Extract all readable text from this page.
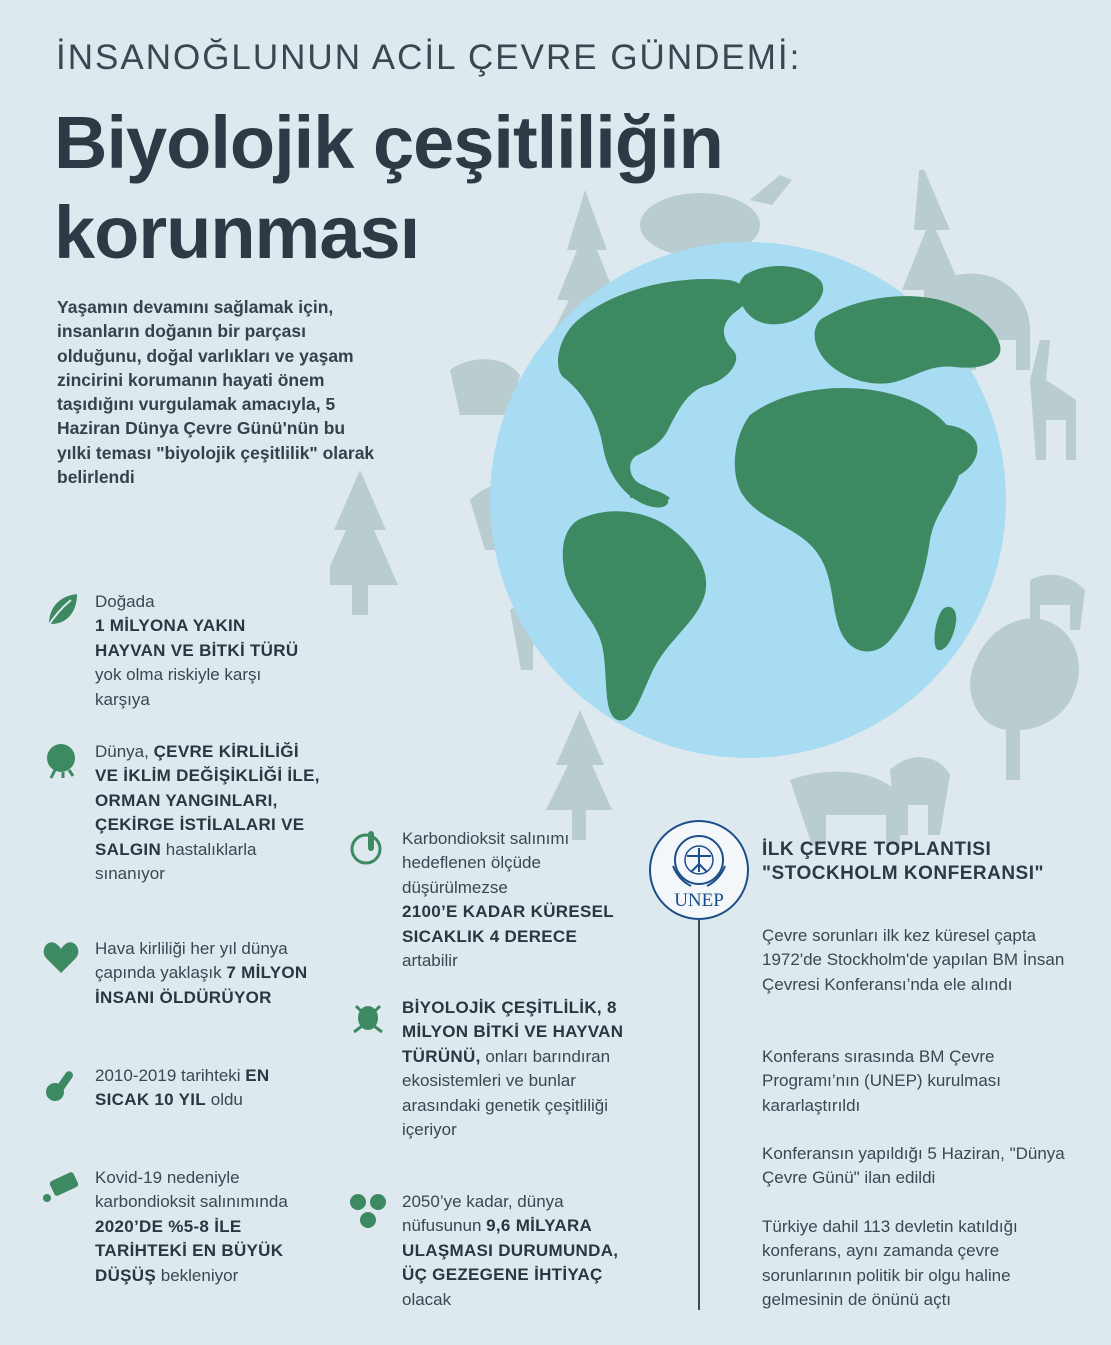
İNSANOĞLUNUN ACİL ÇEVRE GÜNDEMİ:
Biyolojik çeşitliliğin
korunması
Yaşamın devamını sağlamak için, insanların doğanın bir parçası olduğunu, doğal varlıkları ve yaşam zincirini korumanın hayati önem taşıdığını vurgulamak amacıyla, 5 Haziran Dünya Çevre Günü'nün bu yılki teması "biyolojik çeşitlilik" olarak belirlendi
Doğada
1 MİLYONA YAKIN HAYVAN VE BİTKİ TÜRÜ
yok olma riskiyle karşı karşıya
Dünya, ÇEVRE KİRLİLİĞİ VE İKLİM DEĞİŞİKLİĞİ İLE, ORMAN YANGINLARI, ÇEKİRGE İSTİLALARI VE SALGIN hastalıklarla sınanıyor
Hava kirliliği her yıl dünya çapında yaklaşık 7 MİLYON İNSANI ÖLDÜRÜYOR
2010-2019 tarihteki EN SICAK 10 YIL oldu
Kovid-19 nedeniyle karbondioksit salınımında 2020’DE %5-8 İLE TARİHTEKİ EN BÜYÜK DÜŞÜŞ bekleniyor
Karbondioksit salınımı hedeflenen ölçüde düşürülmezse
2100’E KADAR KÜRESEL SICAKLIK 4 DERECE
artabilir
BİYOLOJİK ÇEŞİTLİLİK, 8 MİLYON BİTKİ VE HAYVAN TÜRÜNÜ, onları barındıran ekosistemleri ve bunlar arasındaki genetik çeşitliliği içeriyor
2050’ye kadar, dünya nüfusunun 9,6 MİLYARA ULAŞMASI DURUMUNDA, ÜÇ GEZEGENE İHTİYAÇ olacak
UNEP
İLK ÇEVRE TOPLANTISI "STOCKHOLM KONFERANSI"
Çevre sorunları ilk kez küresel çapta 1972'de Stockholm'de yapılan BM İnsan Çevresi Konferansı’nda ele alındı
Konferans sırasında BM Çevre Programı’nın (UNEP) kurulması kararlaştırıldı
Konferansın yapıldığı 5 Haziran, "Dünya Çevre Günü" ilan edildi
Türkiye dahil 113 devletin katıldığı konferans, aynı zamanda çevre sorunlarının politik bir olgu haline gelmesinin de önünü açtı
